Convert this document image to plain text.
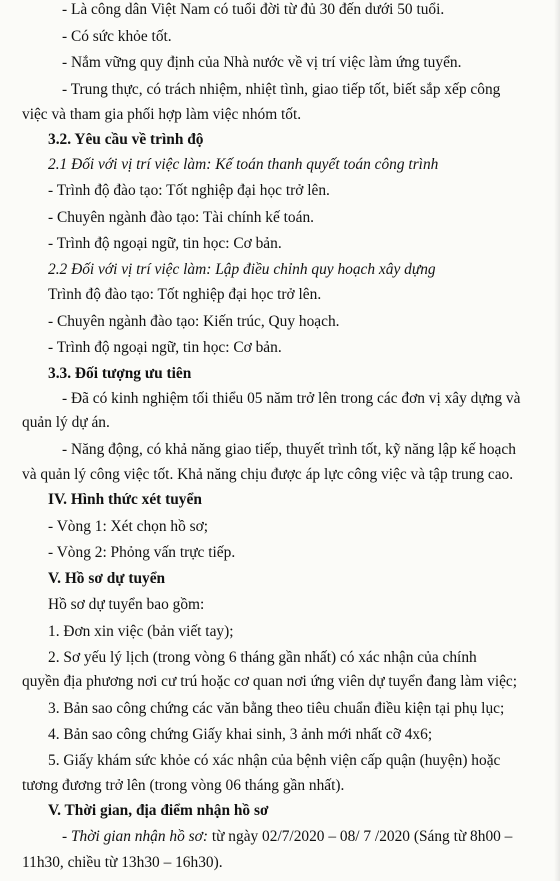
- Là công dân Việt Nam có tuổi đời từ đủ 30 đến dưới 50 tuổi.
- Có sức khỏe tốt.
- Nắm vững quy định của Nhà nước về vị trí việc làm ứng tuyển.
- Trung thực, có trách nhiệm, nhiệt tình, giao tiếp tốt, biết sắp xếp công
việc và tham gia phối hợp làm việc nhóm tốt.
3.2. Yêu cầu về trình độ
2.1 Đối với vị trí việc làm: Kế toán thanh quyết toán công trình
- Trình độ đào tạo: Tốt nghiệp đại học trở lên.
- Chuyên ngành đào tạo: Tài chính kế toán.
- Trình độ ngoại ngữ, tin học: Cơ bản.
2.2 Đối với vị trí việc làm: Lập điều chỉnh quy hoạch xây dựng
Trình độ đào tạo: Tốt nghiệp đại học trở lên.
- Chuyên ngành đào tạo: Kiến trúc, Quy hoạch.
- Trình độ ngoại ngữ, tin học: Cơ bản.
3.3. Đối tượng ưu tiên
- Đã có kinh nghiệm tối thiểu 05 năm trở lên trong các đơn vị xây dựng và
quản lý dự án.
- Năng động, có khả năng giao tiếp, thuyết trình tốt, kỹ năng lập kế hoạch
và quản lý công việc tốt. Khả năng chịu được áp lực công việc và tập trung cao.
IV. Hình thức xét tuyển
- Vòng 1: Xét chọn hồ sơ;
- Vòng 2: Phỏng vấn trực tiếp.
V. Hồ sơ dự tuyển
Hồ sơ dự tuyển bao gồm:
1. Đơn xin việc (bản viết tay);
2. Sơ yếu lý lịch (trong vòng 6 tháng gần nhất) có xác nhận của chính
quyền địa phương nơi cư trú hoặc cơ quan nơi ứng viên dự tuyển đang làm việc;
3. Bản sao công chứng các văn bằng theo tiêu chuẩn điều kiện tại phụ lục;
4. Bản sao công chứng Giấy khai sinh, 3 ảnh mới nhất cỡ 4x6;
5. Giấy khám sức khỏe có xác nhận của bệnh viện cấp quận (huyện) hoặc
tương đương trở lên (trong vòng 06 tháng gần nhất).
V. Thời gian, địa điểm nhận hồ sơ
- Thời gian nhận hồ sơ: từ ngày 02/7/2020 – 08/ 7 /2020 (Sáng từ 8h00 –
11h30, chiều từ 13h30 – 16h30).
